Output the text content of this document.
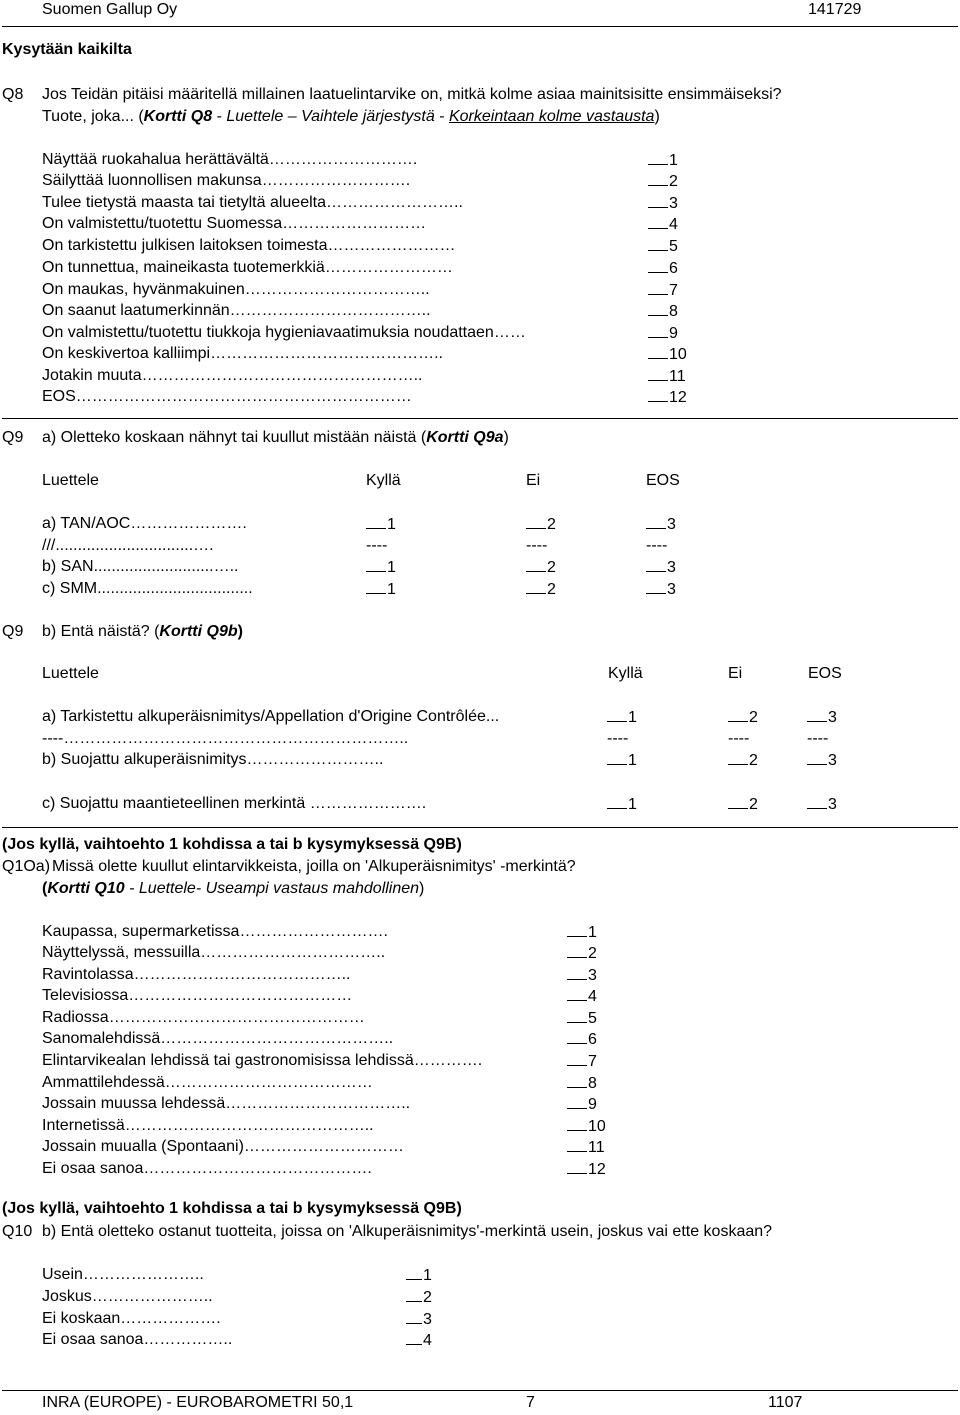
Suomen Gallup Oy	141729
Kysytään kaikilta
Q8 Jos Teidän pitäisi määritellä millainen laatuelintarvike on, mitkä kolme asiaa mainitsisitte ensimmäiseksi?
Tuote, joka... (Kortti Q8 - Luettele – Vaihtele järjestystä - Korkeintaan kolme vastausta)
Näyttää ruokahalua herättävältä……………………….	1
Säilyttää luonnollisen makunsa……………………….	2
Tulee tietystä maasta tai tietyltä alueelta……………………..	3
On valmistettu/tuotettu Suomessa………………………	4
On tarkistettu julkisen laitoksen toimesta……………………	5
On tunnettua, maineikasta tuotemerkkiä……………………	6
On maukas, hyvänmakuinen……………………………..	7
On saanut laatumerkinnän………………………………..	8
On valmistettu/tuotettu tiukkoja hygieniavaatimuksia noudattaen……	9
On keskivertoa kalliimpi……………………………………..	10
Jotakin muuta……………………………………………..	11
EOS………………………………………………………	12
Q9 a) Oletteko koskaan nähnyt tai kuullut mistään näistä (Kortti Q9a)
Luettele	Kyllä	Ei	EOS
a) TAN/AOC………………….	1	2	3
///...............................….	----	----	----
b) SAN...........................…..	1	2	3
c) SMM...................................	1	2	3
Q9 b) Entä näistä? (Kortti Q9b)
Luettele	Kyllä	Ei	EOS
a) Tarkistettu alkuperäisnimitys/Appellation d'Origine Contrôlée...	1	2	3
----………………………………………………………..	----	----	----
b) Suojattu alkuperäisnimitys……………………..	1	2	3
c) Suojattu maantieteellinen merkintä ………………….	1	2	3
(Jos kyllä, vaihtoehto 1 kohdissa a tai b kysymyksessä Q9B)
Q1Oa) Missä olette kuullut elintarvikkeista, joilla on 'Alkuperäisnimitys' -merkintä?
(Kortti Q10 - Luettele- Useampi vastaus mahdollinen)
Kaupassa, supermarketissa……………………….	1
Näyttelyssä, messuilla……………………………..	2
Ravintolassa…………………………………..	3
Televisiossa……………………………………	4
Radiossa…………………………………………	5
Sanomalehdissä……………………………………..	6
Elintarvikealan lehdissä tai gastronomisissa lehdissä………….	7
Ammattilehdessä…………………………………	8
Jossain muussa lehdessä……………………………..	9
Internetissä………………………………………..	10
Jossain muualla (Spontaani)…………………………	11
Ei osaa sanoa…………………………………….	12
(Jos kyllä, vaihtoehto 1 kohdissa a tai b kysymyksessä Q9B)
Q10 b) Entä oletteko ostanut tuotteita, joissa on 'Alkuperäisnimitys'-merkintä usein, joskus vai ette koskaan?
Usein…………………..	1
Joskus…………………..	2
Ei koskaan……………….	3
Ei osaa sanoa……………..	4
INRA (EUROPE) - EUROBAROMETRI 50,1	7	1107
